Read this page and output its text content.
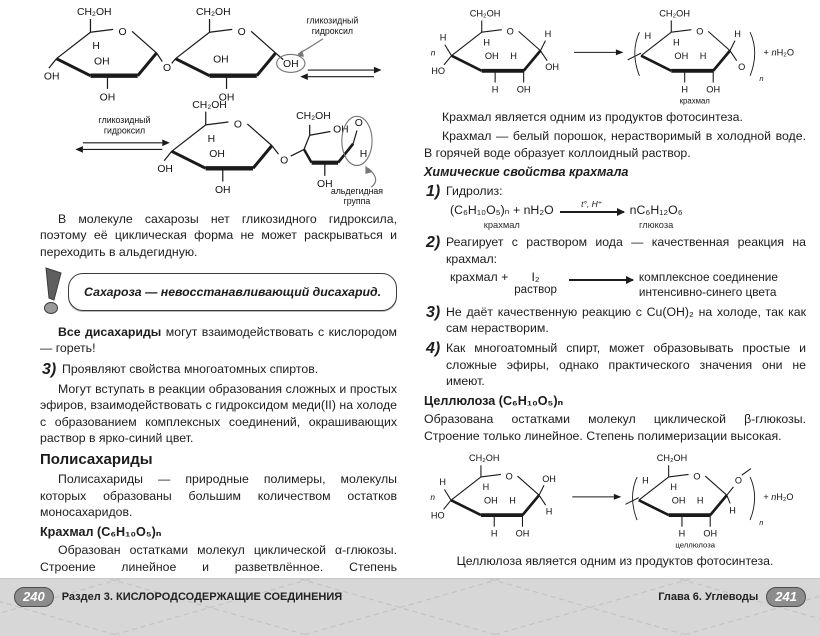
O
CH₂OH
H
OH
OH
OH
O
O
CH₂OH
OH
OH
OH
гликозидный
гидроксил
гликозидный
гидроксил	O
CH₂OH
H
OH
OH
OH
O
CH₂OH
OH
O
H
OH
альдегидная
группа

В молекуле сахарозы нет гликозидного гидроксила, поэтому её циклическая форма не может раскрываться и переходить в альдегидную.

Сахароза — невосстанавливающий дисахарид.

Все дисахариды могут взаимодействовать с кислородом — гореть!

3) Проявляют свойства многоатомных спиртов.

Могут вступать в реакции образования сложных и простых эфиров, взаимодействовать с гидроксидом меди(II) на холоде с образованием комплексных соединений, окрашивающих раствор в ярко-синий цвет.

Полисахариды

Полисахариды — природные полимеры, молекулы которых образованы большим количеством остатков моносахаридов.

Крахмал (C₆H₁₀O₅)ₙ

Образован остатками молекул циклической α-глюкозы. Строение линейное и разветвлённое. Степень

O
CH₂OH
H
n
HO
H
OH H
H
OH
H OH
O
CH₂OH
H
H
OH H
H
O
H OH
n
+ nH₂O
крахмал

Крахмал является одним из продуктов фотосинтеза.

Крахмал — белый порошок, нерастворимый в холодной воде. В горячей воде образует коллоидный раствор.

Химические свойства крахмала
1) Гидролиз:

(C₆H₁₀O₅)ₙ + nH₂O
крахмал
t°, H⁺ nC₆H₁₂O₆
глюкоза
2) Реагирует с раствором иода — качественная реакция на крахмал:

крахмал + I₂
раствор
комплексное соединение
интенсивно-синего цвета
3) Не даёт качественную реакцию с Cu(OH)₂ на холоде, так как сам нерастворим.

4) Как многоатомный спирт, может образовывать простые и сложные эфиры, однако практического значения они не имеют.

Целлюлоза (C₆H₁₀O₅)ₙ

Образована остатками молекул циклической β-глюкозы. Строение только линейное. Степень полимеризации высокая.

O
CH₂OH
H
n
HO
H
OH H
OH
H
H OH
O
CH₂OH
H
H
OH H
O
H
H OH
n
+ nH₂O
целлюлоза

Целлюлоза является одним из продуктов фотосинтеза.

240	Раздел 3. КИСЛОРОДСОДЕРЖАЩИЕ СОЕДИНЕНИЯ	Глава 6. Углеводы	241
